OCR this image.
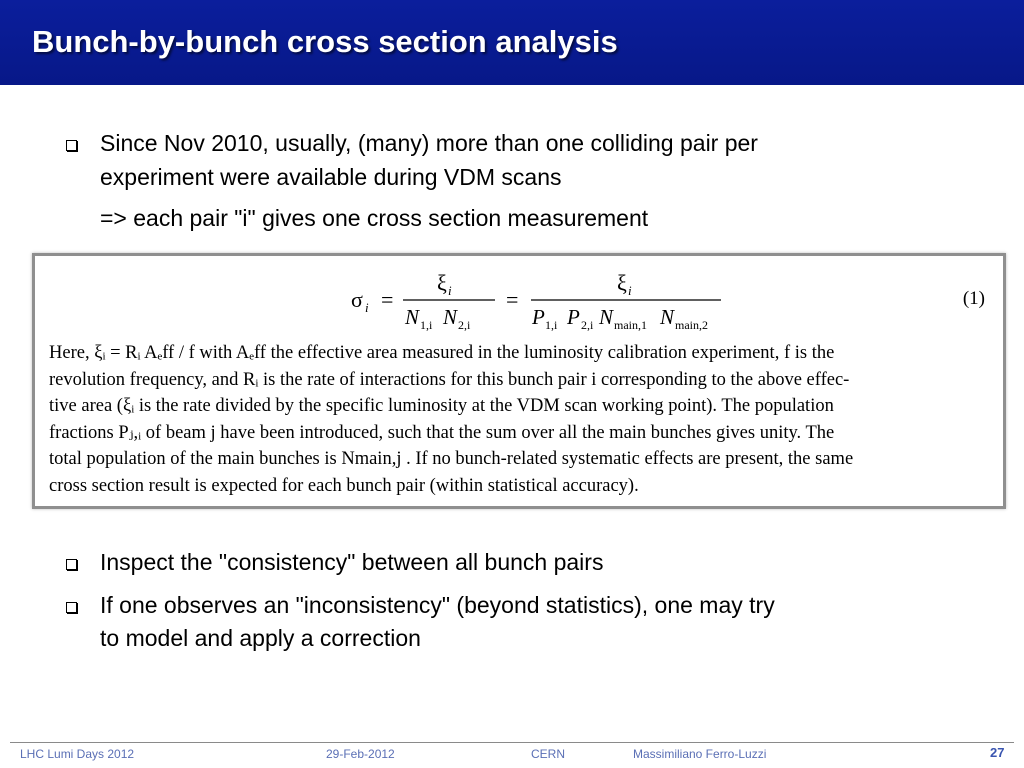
Bunch-by-bunch cross section analysis
Since Nov 2010, usually, (many) more than one colliding pair per
experiment were available during VDM scans
=> each pair "i" gives one cross section measurement
σ i =
ξ i
N 1,i N 2,i
=
ξ i
P 1,i P 2,i N main,1 N main,2
(1)
Here, ξᵢ = Rᵢ Aₑff / f with Aₑff the effective area measured in the luminosity calibration experiment, f is the
revolution frequency, and Rᵢ is the rate of interactions for this bunch pair i corresponding to the above effec-
tive area (ξᵢ is the rate divided by the specific luminosity at the VDM scan working point). The population
fractions Pⱼ,ᵢ of beam j have been introduced, such that the sum over all the main bunches gives unity. The
total population of the main bunches is Nmain,j . If no bunch-related systematic effects are present, the same
cross section result is expected for each bunch pair (within statistical accuracy).
Inspect the "consistency" between all bunch pairs
If one observes an "inconsistency" (beyond statistics), one may try
to model and apply a correction
LHC Lumi Days 2012	29-Feb-2012	CERN	Massimiliano Ferro-Luzzi	27
